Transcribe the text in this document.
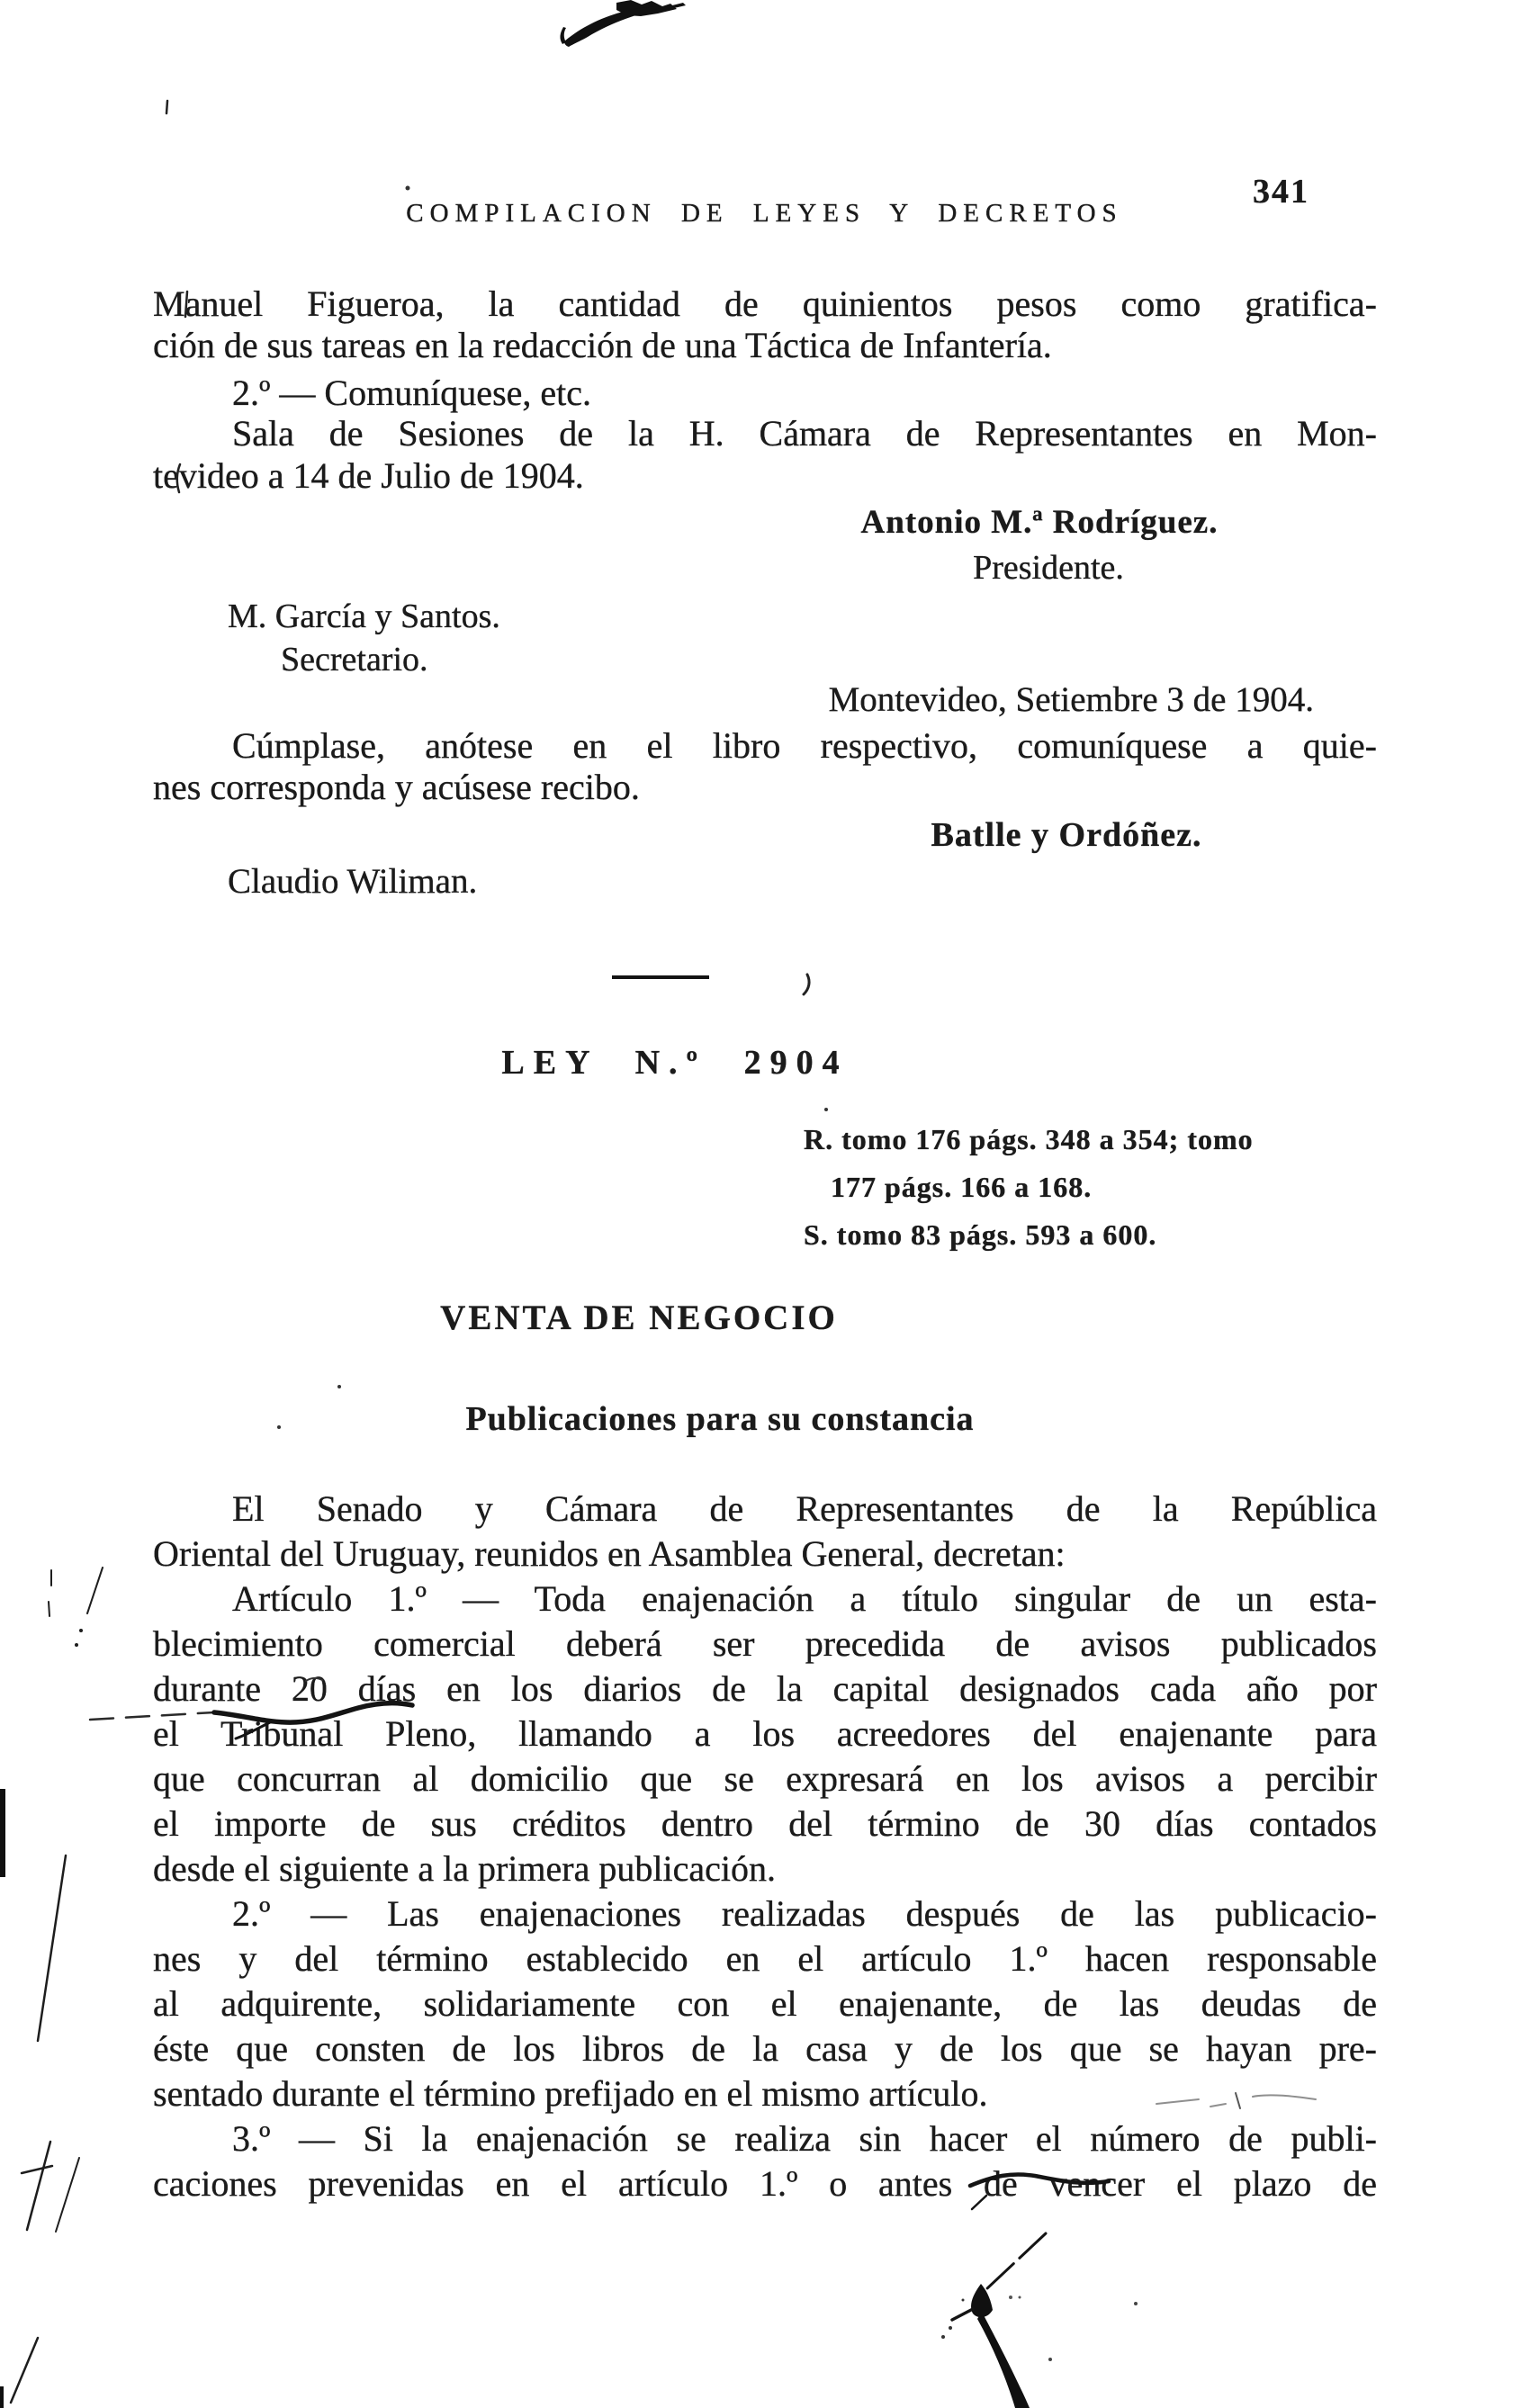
COMPILACION DE LEYES Y DECRETOS
341
Manuel Figueroa, la cantidad de quinientos pesos como gratifica-
ción de sus tareas en la redacción de una Táctica de Infantería.
2.º — Comuníquese, etc.
Sala de Sesiones de la H. Cámara de Representantes en Mon-
tevideo a 14 de Julio de 1904.
Antonio M.ª Rodríguez.
Presidente.
M. García y Santos.
Secretario.
Montevideo, Setiembre 3 de 1904.
Cúmplase, anótese en el libro respectivo, comuníquese a quie-
nes corresponda y acúsese recibo.
Batlle y Ordóñez.
Claudio Wiliman.
LEY N.º 2904
R. tomo 176 págs. 348 a 354; tomo
177 págs. 166 a 168.
S. tomo 83 págs. 593 a 600.
VENTA DE NEGOCIO
Publicaciones para su constancia
El Senado y Cámara de Representantes de la República
Oriental del Uruguay, reunidos en Asamblea General, decretan:
Artículo 1.º — Toda enajenación a título singular de un esta-
blecimiento comercial deberá ser precedida de avisos publicados
durante 20 días en los diarios de la capital designados cada año por
el Tribunal Pleno, llamando a los acreedores del enajenante para
que concurran al domicilio que se expresará en los avisos a percibir
el importe de sus créditos dentro del término de 30 días contados
desde el siguiente a la primera publicación.
2.º — Las enajenaciones realizadas después de las publicacio-
nes y del término establecido en el artículo 1.º hacen responsable
al adquirente, solidariamente con el enajenante, de las deudas de
éste que consten de los libros de la casa y de los que se hayan pre-
sentado durante el término prefijado en el mismo artículo.
3.º — Si la enajenación se realiza sin hacer el número de publi-
caciones prevenidas en el artículo 1.º o antes de vencer el plazo de
